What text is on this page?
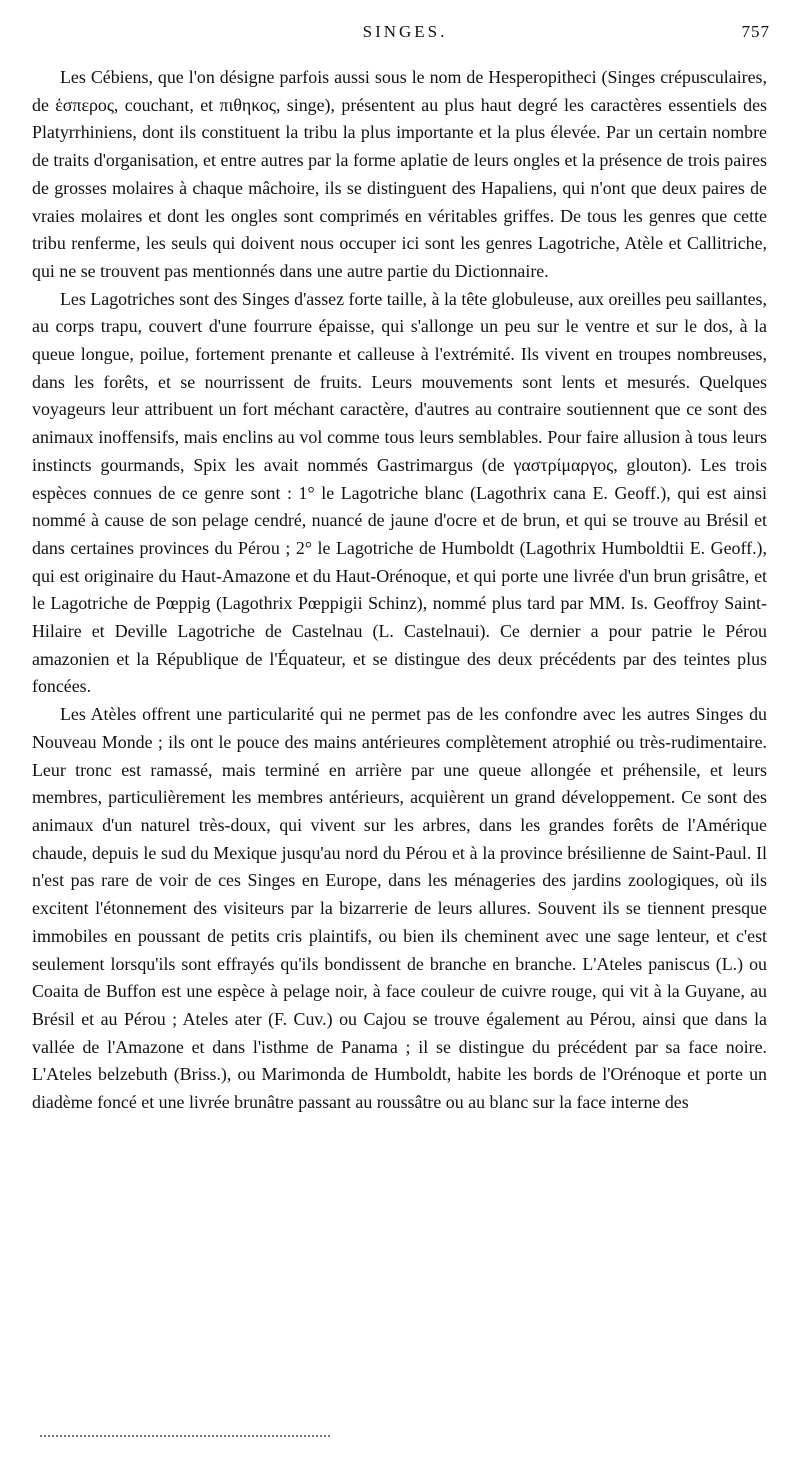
SINGES.	757

Les Cébiens, que l'on désigne parfois aussi sous le nom de Hesperopitheci (Singes crépusculaires, de ἑσπερος, couchant, et πιθηκος, singe), présentent au plus haut degré les caractères essentiels des Platyrrhiniens, dont ils constituent la tribu la plus importante et la plus élevée. Par un certain nombre de traits d'organisation, et entre autres par la forme aplatie de leurs ongles et la présence de trois paires de grosses molaires à chaque mâchoire, ils se distinguent des Hapaliens, qui n'ont que deux paires de vraies molaires et dont les ongles sont comprimés en véritables griffes. De tous les genres que cette tribu renferme, les seuls qui doivent nous occuper ici sont les genres Lagotriche, Atèle et Callitriche, qui ne se trouvent pas mentionnés dans une autre partie du Dictionnaire.

Les Lagotriches sont des Singes d'assez forte taille, à la tête globuleuse, aux oreilles peu saillantes, au corps trapu, couvert d'une fourrure épaisse, qui s'allonge un peu sur le ventre et sur le dos, à la queue longue, poilue, fortement prenante et calleuse à l'extrémité. Ils vivent en troupes nombreuses, dans les forêts, et se nourrissent de fruits. Leurs mouvements sont lents et mesurés. Quelques voyageurs leur attribuent un fort méchant caractère, d'autres au contraire soutiennent que ce sont des animaux inoffensifs, mais enclins au vol comme tous leurs semblables. Pour faire allusion à tous leurs instincts gourmands, Spix les avait nommés Gastrimargus (de γαστρίμαργος, glouton). Les trois espèces connues de ce genre sont : 1° le Lagotriche blanc (Lagothrix cana E. Geoff.), qui est ainsi nommé à cause de son pelage cendré, nuancé de jaune d'ocre et de brun, et qui se trouve au Brésil et dans certaines provinces du Pérou ; 2° le Lagotriche de Humboldt (Lagothrix Humboldtii E. Geoff.), qui est originaire du Haut-Amazone et du Haut-Orénoque, et qui porte une livrée d'un brun grisâtre, et le Lagotriche de Pœppig (Lagothrix Pœppigii Schinz), nommé plus tard par MM. Is. Geoffroy Saint-Hilaire et Deville Lagotriche de Castelnau (L. Castelnaui). Ce dernier a pour patrie le Pérou amazonien et la République de l'Équateur, et se distingue des deux précédents par des teintes plus foncées.

Les Atèles offrent une particularité qui ne permet pas de les confondre avec les autres Singes du Nouveau Monde ; ils ont le pouce des mains antérieures complètement atrophié ou très-rudimentaire. Leur tronc est ramassé, mais terminé en arrière par une queue allongée et préhensile, et leurs membres, particulièrement les membres antérieurs, acquièrent un grand développement. Ce sont des animaux d'un naturel très-doux, qui vivent sur les arbres, dans les grandes forêts de l'Amérique chaude, depuis le sud du Mexique jusqu'au nord du Pérou et à la province brésilienne de Saint-Paul. Il n'est pas rare de voir de ces Singes en Europe, dans les ménageries des jardins zoologiques, où ils excitent l'étonnement des visiteurs par la bizarrerie de leurs allures. Souvent ils se tiennent presque immobiles en poussant de petits cris plaintifs, ou bien ils cheminent avec une sage lenteur, et c'est seulement lorsqu'ils sont effrayés qu'ils bondissent de branche en branche. L'Ateles paniscus (L.) ou Coaita de Buffon est une espèce à pelage noir, à face couleur de cuivre rouge, qui vit à la Guyane, au Brésil et au Pérou ; Ateles ater (F. Cuv.) ou Cajou se trouve également au Pérou, ainsi que dans la vallée de l'Amazone et dans l'isthme de Panama ; il se distingue du précédent par sa face noire. L'Ateles belzebuth (Briss.), ou Marimonda de Humboldt, habite les bords de l'Orénoque et porte un diadème foncé et une livrée brunâtre passant au roussâtre ou au blanc sur la face interne des
